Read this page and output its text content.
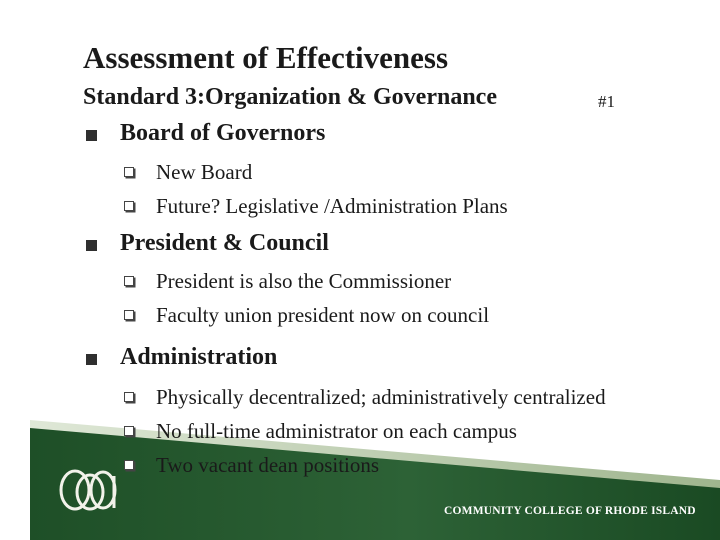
Assessment of Effectiveness
Standard 3:Organization & Governance	#1
Board of Governors
New Board
Future? Legislative /Administration Plans
President & Council
President is also the Commissioner
Faculty union president now on council
Administration
Physically decentralized; administratively centralized
No full-time administrator on each campus
Two vacant dean positions
COMMUNITY COLLEGE OF RHODE ISLAND
